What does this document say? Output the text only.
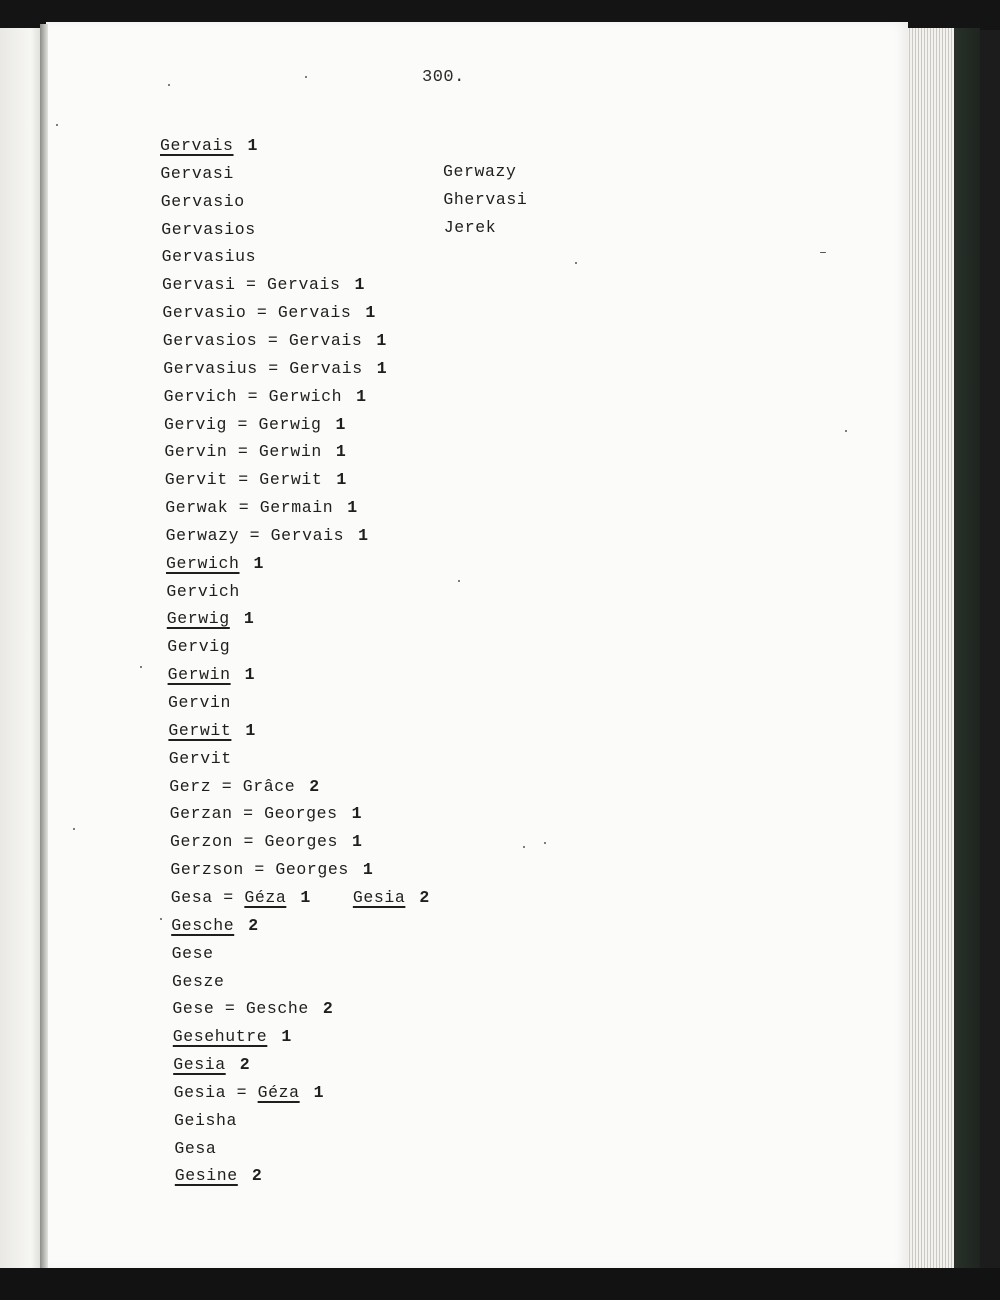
300.
Gervais 1
Gervasi
Gervasio
Gervasios
Gervasius
Gervasi = Gervais 1
Gervasio = Gervais 1
Gervasios = Gervais 1
Gervasius = Gervais 1
Gervich = Gerwich 1
Gervig = Gerwig 1
Gervin = Gerwin 1
Gervit = Gerwit 1
Gerwak = Germain 1
Gerwazy = Gervais 1
Gerwich 1
Gervich
Gerwig 1
Gervig
Gerwin 1
Gervin
Gerwit 1
Gervit
Gerz = Grâce 2
Gerzan = Georges 1
Gerzon = Georges 1
Gerzson = Georges 1
Gesa = Géza 1	Gesia 2
Gesche 2
Gese
Gesze
Gese = Gesche 2
Gesehutre 1
Gesia 2
Gesia = Géza 1
Geisha
Gesa
Gesine 2
Gerwazy
Ghervasi
Jerek
